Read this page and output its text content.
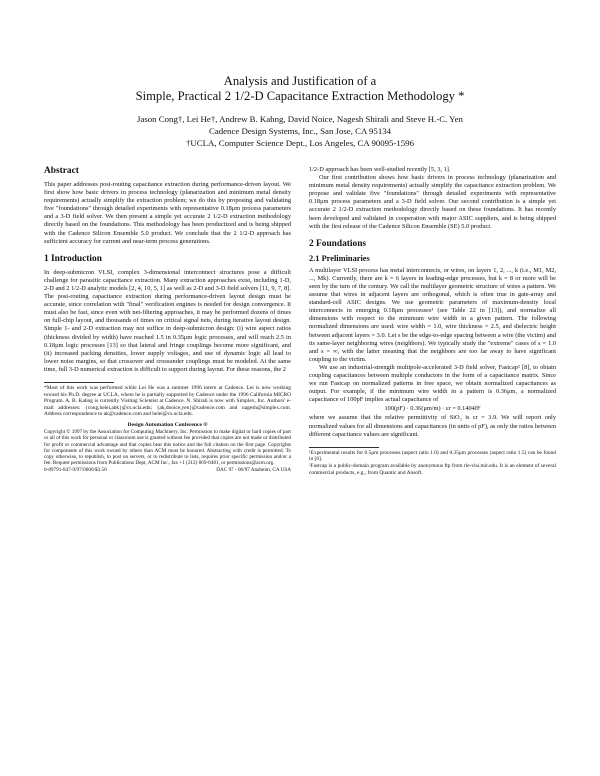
Analysis and Justification of a
Simple, Practical 2 1/2-D Capacitance Extraction Methodology *
Jason Cong†, Lei He†, Andrew B. Kahng, David Noice, Nagesh Shirali and Steve H.-C. Yen
Cadence Design Systems, Inc., San Jose, CA 95134
†UCLA, Computer Science Dept., Los Angeles, CA 90095-1596
Abstract

This paper addresses post-routing capacitance extraction during performance-driven layout. We first show how basic drivers in process technology (planarization and minimum metal density requirements) actually simplify the extraction problem; we do this by proposing and validating five "foundations" through detailed experiments with representative 0.18μm process parameters and a 3-D field solver. We then present a simple yet accurate 2 1/2-D extraction methodology directly based on the foundations. This methodology has been productized and is being shipped with the Cadence Silicon Ensemble 5.0 product. We conclude that the 2 1/2-D approach has sufficient accuracy for current and near-term process generations.

1 Introduction

In deep-submicron VLSI, complex 3-dimensional interconnect structures pose a difficult challenge for parasitic capacitance extraction. Many extraction approaches exist, including 1-D, 2-D and 2 1/2-D analytic models [2, 4, 10, 5, 1] as well as 2-D and 3-D field solvers [11, 9, 7, 8]. The post-routing capacitance extraction during performance-driven layout design must be accurate, since correlation with "final" verification engines is needed for design convergence. It must also be fast, since even with net-filtering approaches, it may be performed dozens of times on full-chip layout, and thousands of times on critical signal nets, during iterative layout design. Simple 1- and 2-D extraction may not suffice in deep-submicron design: (i) wire aspect ratios (thickness divided by width) have reached 1.5 in 0.35μm logic processes, and will reach 2.5 in 0.18μm logic processes [13] so that lateral and fringe couplings become more significant, and (ii) increased packing densities, lower supply voltages, and use of dynamic logic all lead to lower noise margins, so that crossover and crossunder couplings must be modeled. At the same time, full 3-D numerical extraction is difficult to support during layout. For these reasons, the 2

*Most of this work was performed while Lei He was a summer 1996 intern at Cadence. Lei is now working toward his Ph.D. degree at UCLA, where he is partially supported by Cadence under the 1996 California MICRO Program. A. B. Kahng is currently Visiting Scientist at Cadence. N. Shirali is now with Simplex, Inc. Authors' e-mail addresses: {cong,helei,abk}@cs.ucla.edu; {ak,dnoice,yen}@cadence.com and nagesh@simplex.com. Address correspondence to ak@cadence.com and helei@cs.ucla.edu.

Design Automation Conference ®

Copyright © 1997 by the Association for Computing Machinery, Inc. Permission to make digital or hard copies of part or all of this work for personal or classroom use is granted without fee provided that copies are not made or distributed for profit or commercial advantage and that copies bear this notice and the full citation on the first page. Copyrights for components of this work owned by others than ACM must be honored. Abstracting with credit is permitted. To copy otherwise, to republish, to post on servers, or to redistribute to lists, requires prior specific permission and/or a fee. Request permissions from Publications Dept, ACM Inc., fax +1 (212) 869-0481, or permissions@acm.org.

0-89791-847-9/97/0006/$3.50	DAC 97 - 06/97 Anaheim, CA USA

1/2-D approach has been well-studied recently [5, 3, 1].

Our first contribution shows how basic drivers in process technology (planarization and minimum metal density requirements) actually simplify the capacitance extraction problem. We propose and validate five "foundations" through detailed experiments with representative 0.18μm process parameters and a 3-D field solver. Our second contribution is a simple yet accurate 2 1/2-D extraction methodology directly based on these foundations. It has recently been developed and validated in cooperation with major ASIC suppliers, and is being shipped with the first release of the Cadence Silicon Ensemble (SE) 5.0 product.

2 Foundations
2.1 Preliminaries

A multilayer VLSI process has metal interconnects, or wires, on layers 1, 2, ..., k (i.e., M1, M2, ..., Mk). Currently, there are k = 6 layers in leading-edge processes, but k = 8 or more will be seen by the turn of the century. We call the multilayer geometric structure of wires a pattern. We assume that wires in adjacent layers are orthogonal, which is often true in gate-array and standard-cell ASIC designs. We use geometric parameters of maximum-density local interconnects in emerging 0.18μm processes¹ (see Table 22 in [13]), and normalize all dimensions with respect to the minimum wire width in a given pattern. The following normalized dimensions are used: wire width = 1.0, wire thickness = 2.5, and dielectric height between adjacent layers = 3.0. Let s be the edge-to-edge spacing between a wire (the victim) and its same-layer neighboring wires (neighbors). We typically study the "extreme" cases of s = 1.0 and s = ∞, with the latter meaning that the neighbors are too far away to have significant coupling to the victim.

We use an industrial-strength multipole-accelerated 3-D field solver, Fastcap² [8], to obtain coupling capacitances between multiple conductors in the form of a capacitance matrix. Since we run Fastcap on normalized patterns in free space, we obtain normalized capacitances as output. For example, if the minimum wire width in a pattern is 0.36μm, a normalized capacitance of 100pF implies actual capacitance of

100(pF) · 0.36(μm/m) · εr = 0.1404fF

where we assume that the relative permittivity of SiO₂ is εr = 3.9. We will report only normalized values for all dimensions and capacitances (in units of pF), as only the ratios between different capacitance values are significant.

¹Experimental results for 0.5μm processes (aspect ratio 1.0) and 0.35μm processes (aspect ratio 1.5) can be found in [6].

²Fastcap is a public-domain program available by anonymous ftp from rle-vlsi.mit.edu. It is an element of several commercial products, e.g., from Quantic and Ansoft.
